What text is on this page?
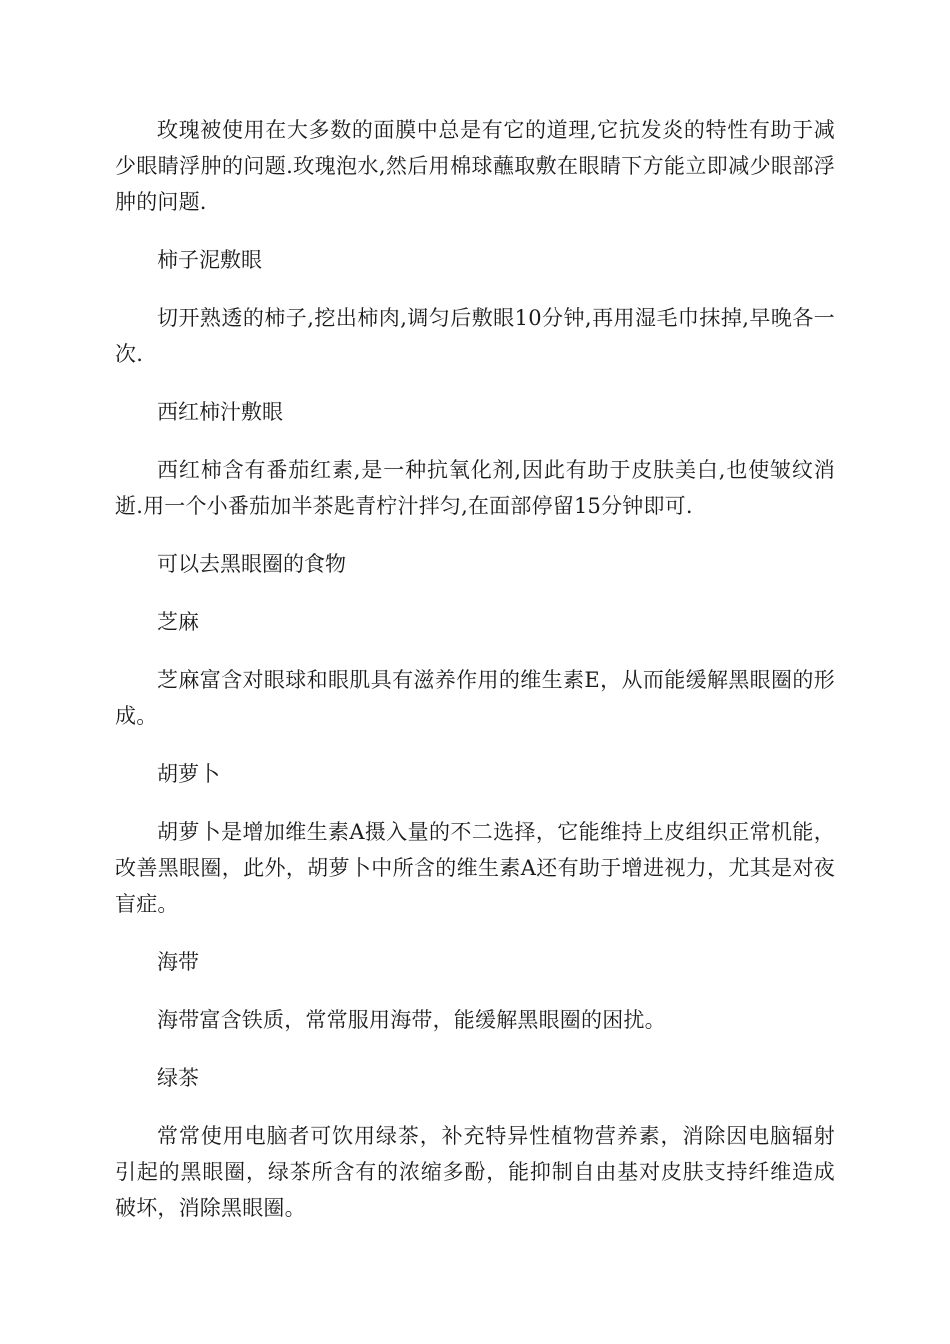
玫瑰被使用在大多数的面膜中总是有它的道理,它抗发炎的特性有助于减少眼睛浮肿的问题.玫瑰泡水,然后用棉球蘸取敷在眼睛下方能立即减少眼部浮肿的问题.

柿子泥敷眼

切开熟透的柿子,挖出柿肉,调匀后敷眼10分钟,再用湿毛巾抹掉,早晚各一次.

西红柿汁敷眼

西红柿含有番茄红素,是一种抗氧化剂,因此有助于皮肤美白,也使皱纹消逝.用一个小番茄加半茶匙青柠汁拌匀,在面部停留15分钟即可.

可以去黑眼圈的食物

芝麻

芝麻富含对眼球和眼肌具有滋养作用的维生素E，从而能缓解黑眼圈的形成。

胡萝卜

胡萝卜是增加维生素A摄入量的不二选择，它能维持上皮组织正常机能，改善黑眼圈，此外，胡萝卜中所含的维生素A还有助于增进视力，尤其是对夜盲症。

海带

海带富含铁质，常常服用海带，能缓解黑眼圈的困扰。

绿茶

常常使用电脑者可饮用绿茶，补充特异性植物营养素，消除因电脑辐射引起的黑眼圈，绿茶所含有的浓缩多酚，能抑制自由基对皮肤支持纤维造成破坏，消除黑眼圈。
